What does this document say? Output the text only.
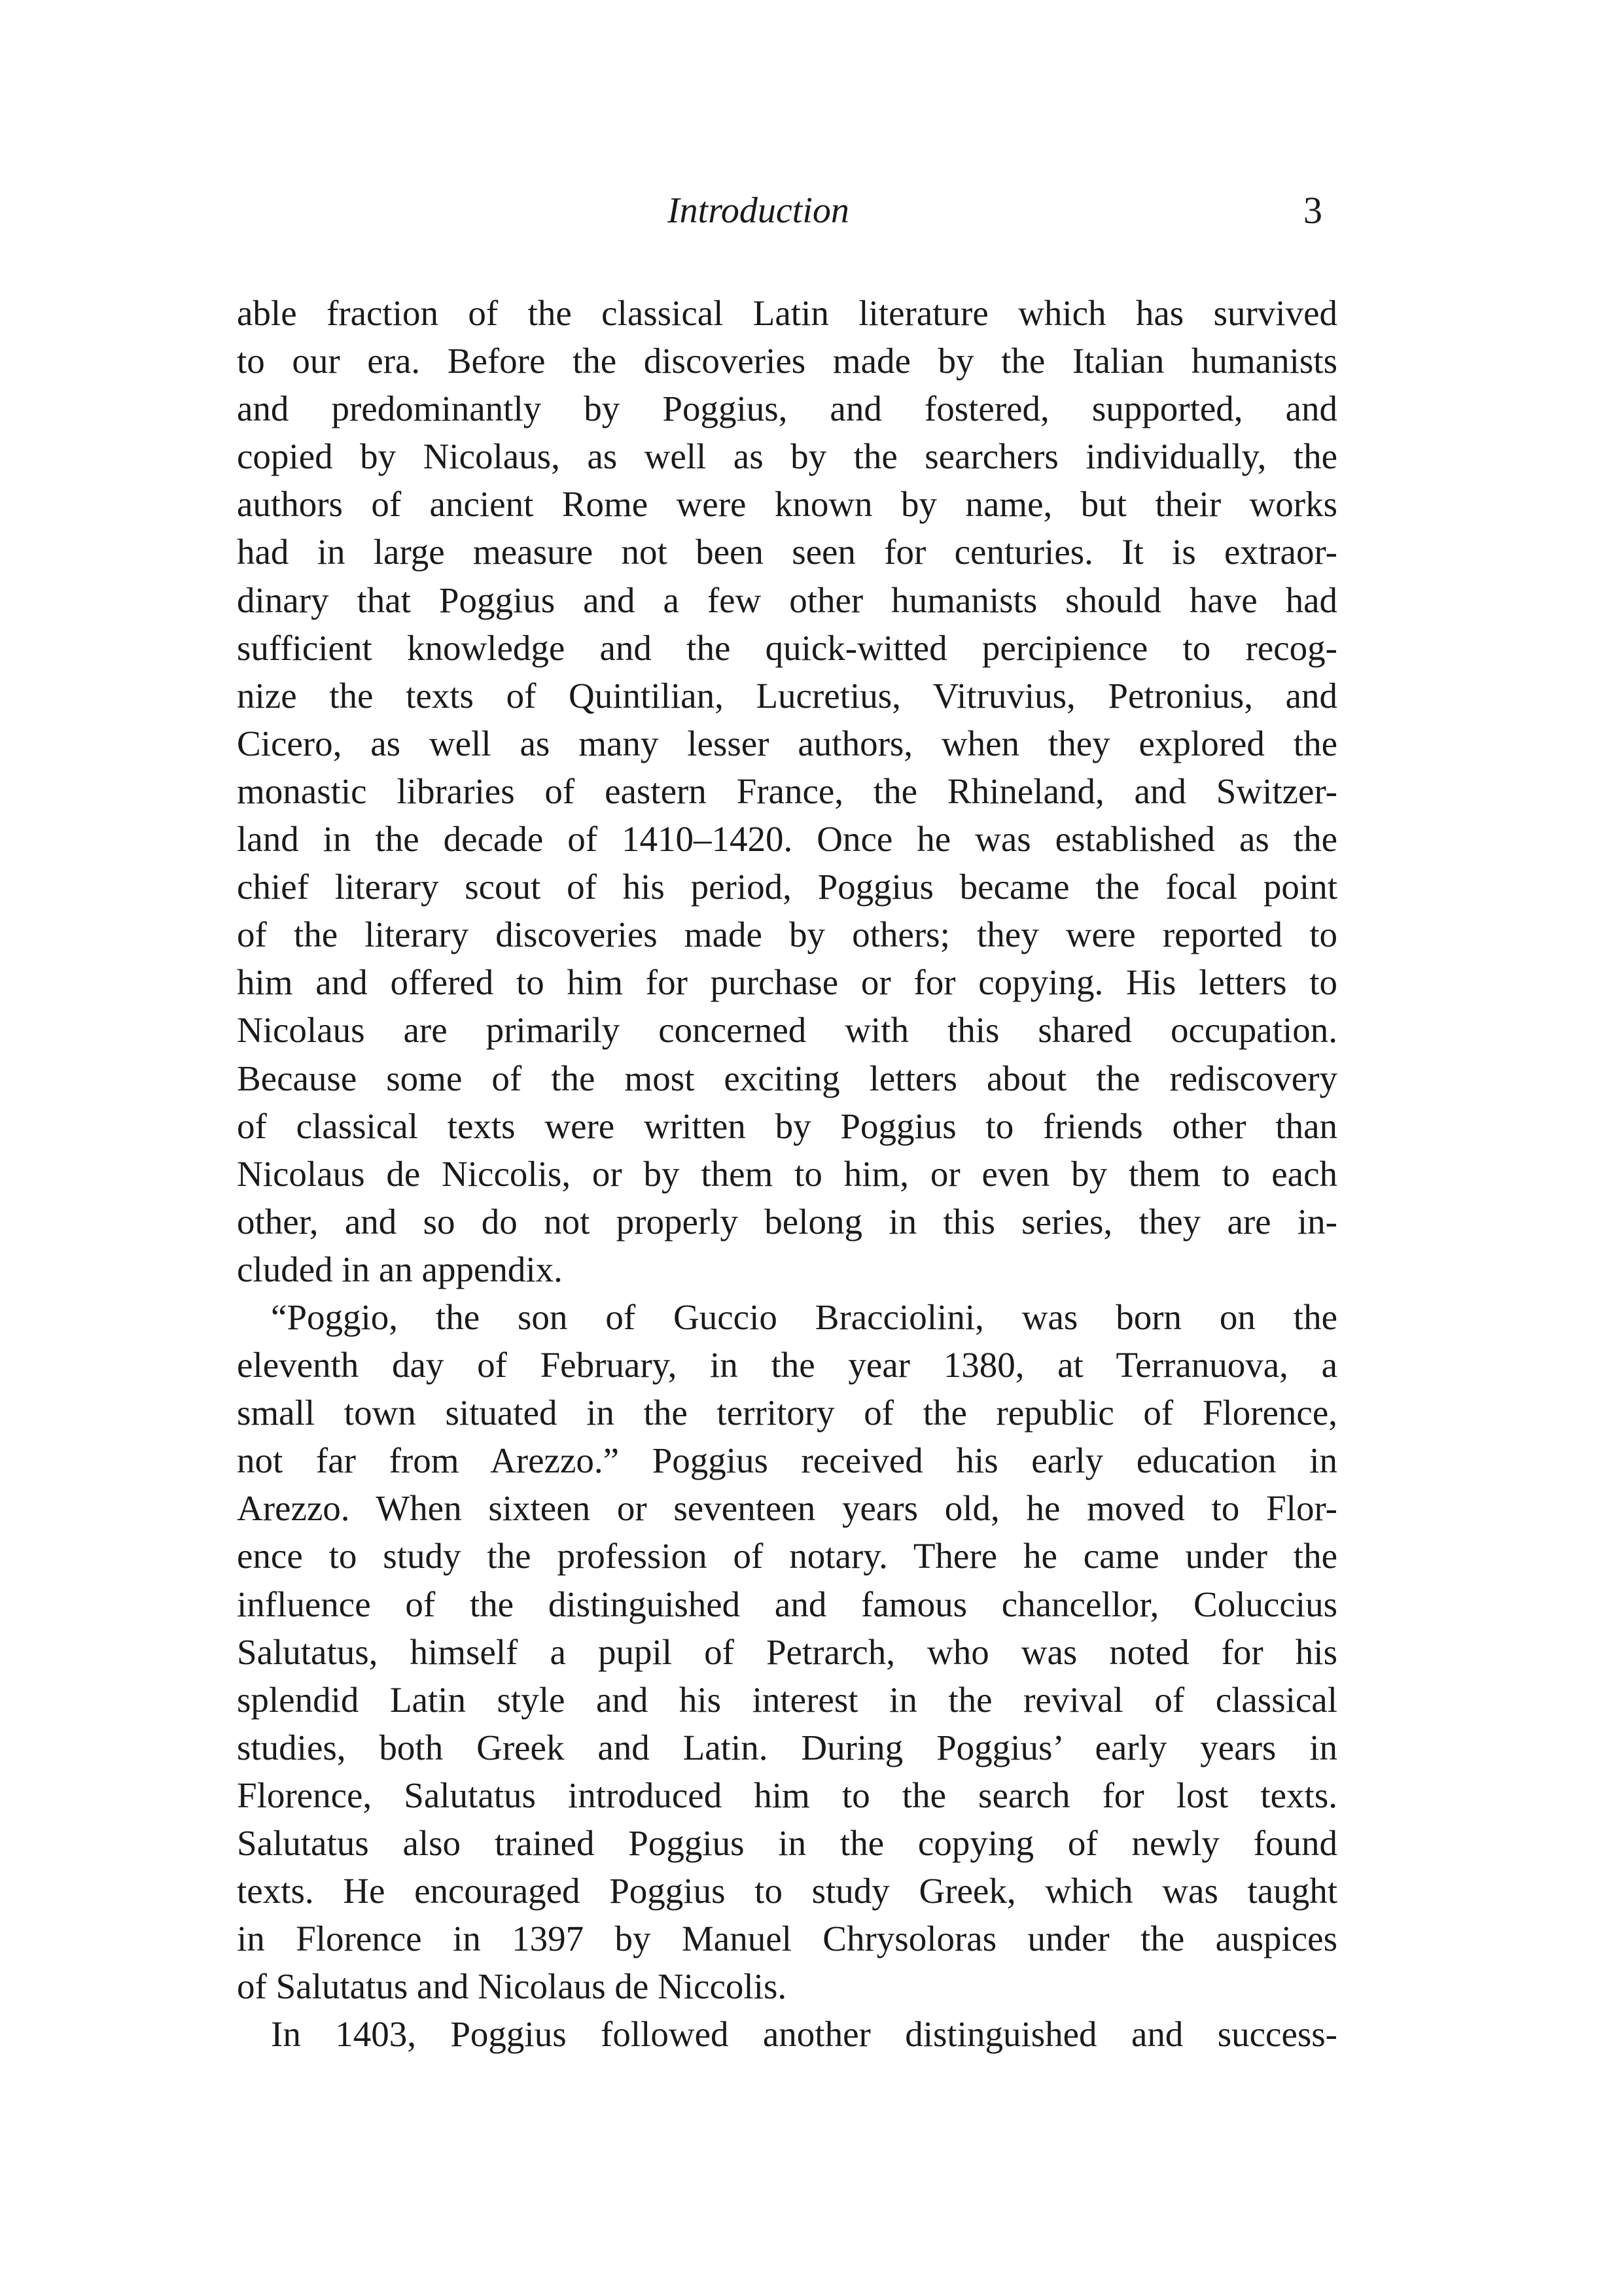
Introduction	3
able fraction of the classical Latin literature which has survived
to our era. Before the discoveries made by the Italian humanists
and predominantly by Poggius, and fostered, supported, and
copied by Nicolaus, as well as by the searchers individually, the
authors of ancient Rome were known by name, but their works
had in large measure not been seen for centuries. It is extraor-
dinary that Poggius and a few other humanists should have had
sufficient knowledge and the quick-witted percipience to recog-
nize the texts of Quintilian, Lucretius, Vitruvius, Petronius, and
Cicero, as well as many lesser authors, when they explored the
monastic libraries of eastern France, the Rhineland, and Switzer-
land in the decade of 1410–1420. Once he was established as the
chief literary scout of his period, Poggius became the focal point
of the literary discoveries made by others; they were reported to
him and offered to him for purchase or for copying. His letters to
Nicolaus are primarily concerned with this shared occupation.
Because some of the most exciting letters about the rediscovery
of classical texts were written by Poggius to friends other than
Nicolaus de Niccolis, or by them to him, or even by them to each
other, and so do not properly belong in this series, they are in-
cluded in an appendix.
“Poggio, the son of Guccio Bracciolini, was born on the
eleventh day of February, in the year 1380, at Terranuova, a
small town situated in the territory of the republic of Florence,
not far from Arezzo.” Poggius received his early education in
Arezzo. When sixteen or seventeen years old, he moved to Flor-
ence to study the profession of notary. There he came under the
influence of the distinguished and famous chancellor, Coluccius
Salutatus, himself a pupil of Petrarch, who was noted for his
splendid Latin style and his interest in the revival of classical
studies, both Greek and Latin. During Poggius’ early years in
Florence, Salutatus introduced him to the search for lost texts.
Salutatus also trained Poggius in the copying of newly found
texts. He encouraged Poggius to study Greek, which was taught
in Florence in 1397 by Manuel Chrysoloras under the auspices
of Salutatus and Nicolaus de Niccolis.
In 1403, Poggius followed another distinguished and success-
